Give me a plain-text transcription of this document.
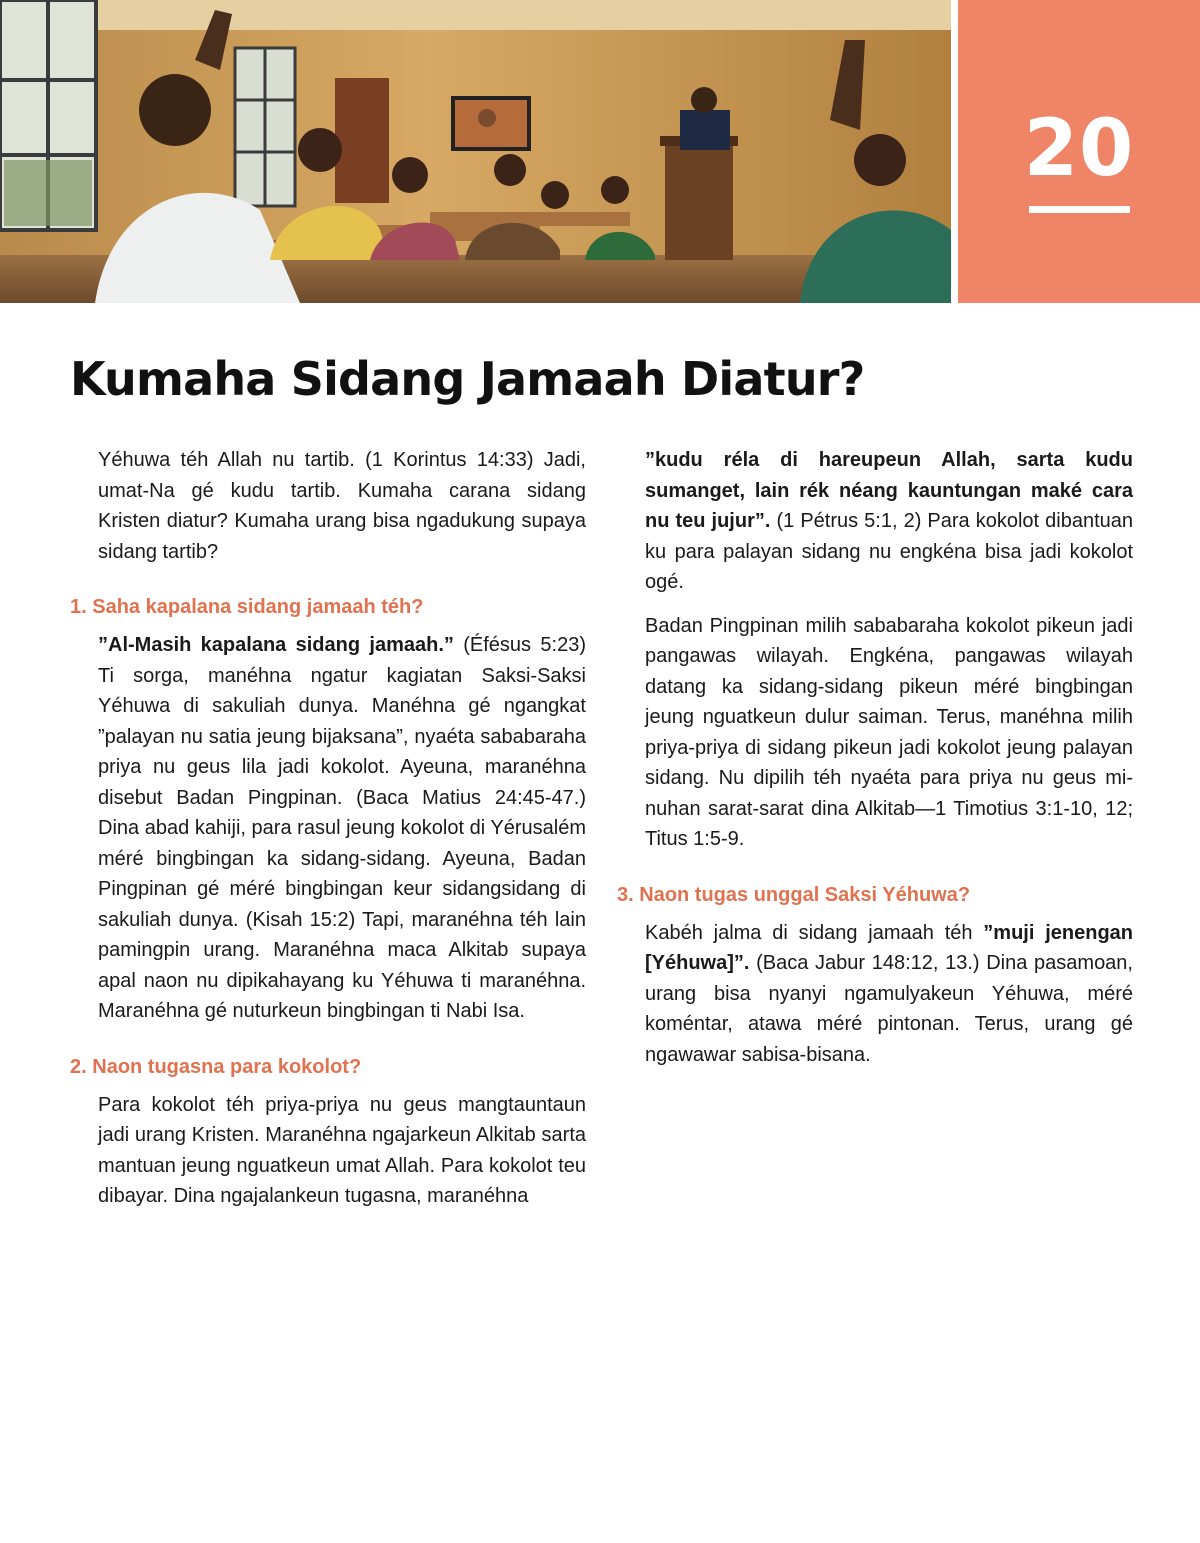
20
Kumaha Sidang Jamaah Diatur?

Yéhuwa téh Allah nu tartib. (1 Korintus 14:33) Jadi, umat-Na gé kudu tartib. Kumaha carana sidang Kristen diatur? Kumaha urang bisa ngadukung supaya sidang tartib?

1. Saha kapalana sidang jamaah téh?

”Al-Masih kapalana sidang jamaah.” (Éfésus 5:23) Ti sorga, manéhna ngatur kagiatan Saksi-Saksi Yéhuwa di sakuliah dunya. Manéhna gé ngangkat ”palayan nu satia jeung bijaksana”, nyaéta sababaraha priya nu geus lila jadi kokolot. Ayeuna, maranéhna disebut Badan Pingpinan. (Baca Matius 24:45-47.) Dina abad kahiji, para rasul jeung kokolot di Yérusalém méré bingbingan ka sidang-sidang. Ayeuna, Badan Pingpinan gé méré bingbingan keur sidangsidang di sakuliah dunya. (Kisah 15:2) Tapi, maranéhna téh lain pamingpin urang. Maranéhna maca Alkitab supaya apal naon nu dipikahayang ku Yéhuwa ti maranéhna. Maranéhna gé nuturkeun bingbingan ti Nabi Isa.

2. Naon tugasna para kokolot?

Para kokolot téh priya-priya nu geus mangtauntaun jadi urang Kristen. Maranéhna ngajarkeun Alkitab sarta mantuan jeung nguatkeun umat Allah. Para kokolot teu dibayar. Dina ngajalankeun tugasna, maranéhna

”kudu réla di hareupeun Allah, sarta kudu sumanget, lain rék néang kauntungan maké cara nu teu jujur”. (1 Pétrus 5:1, 2) Para kokolot dibantuan ku para palayan sidang nu engkéna bisa jadi kokolot ogé.

Badan Pingpinan milih sababaraha kokolot pikeun jadi pangawas wilayah. Engkéna, pangawas wilayah datang ka sidang-sidang pikeun méré bingbingan jeung nguatkeun dulur saiman. Terus, manéhna milih priya-priya di sidang pikeun jadi kokolot jeung palayan sidang. Nu dipilih téh nyaéta para priya nu geus minuhan sarat-sarat dina Alkitab—1 Timotius 3:1-10, 12; Titus 1:5-9.

3. Naon tugas unggal Saksi Yéhuwa?

Kabéh jalma di sidang jamaah téh ”muji jenengan [Yéhuwa]”. (Baca Jabur 148:12, 13.) Dina pasamoan, urang bisa nyanyi ngamulyakeun Yéhuwa, méré koméntar, atawa méré pintonan. Terus, urang gé ngawawar sabisa-bisana.
